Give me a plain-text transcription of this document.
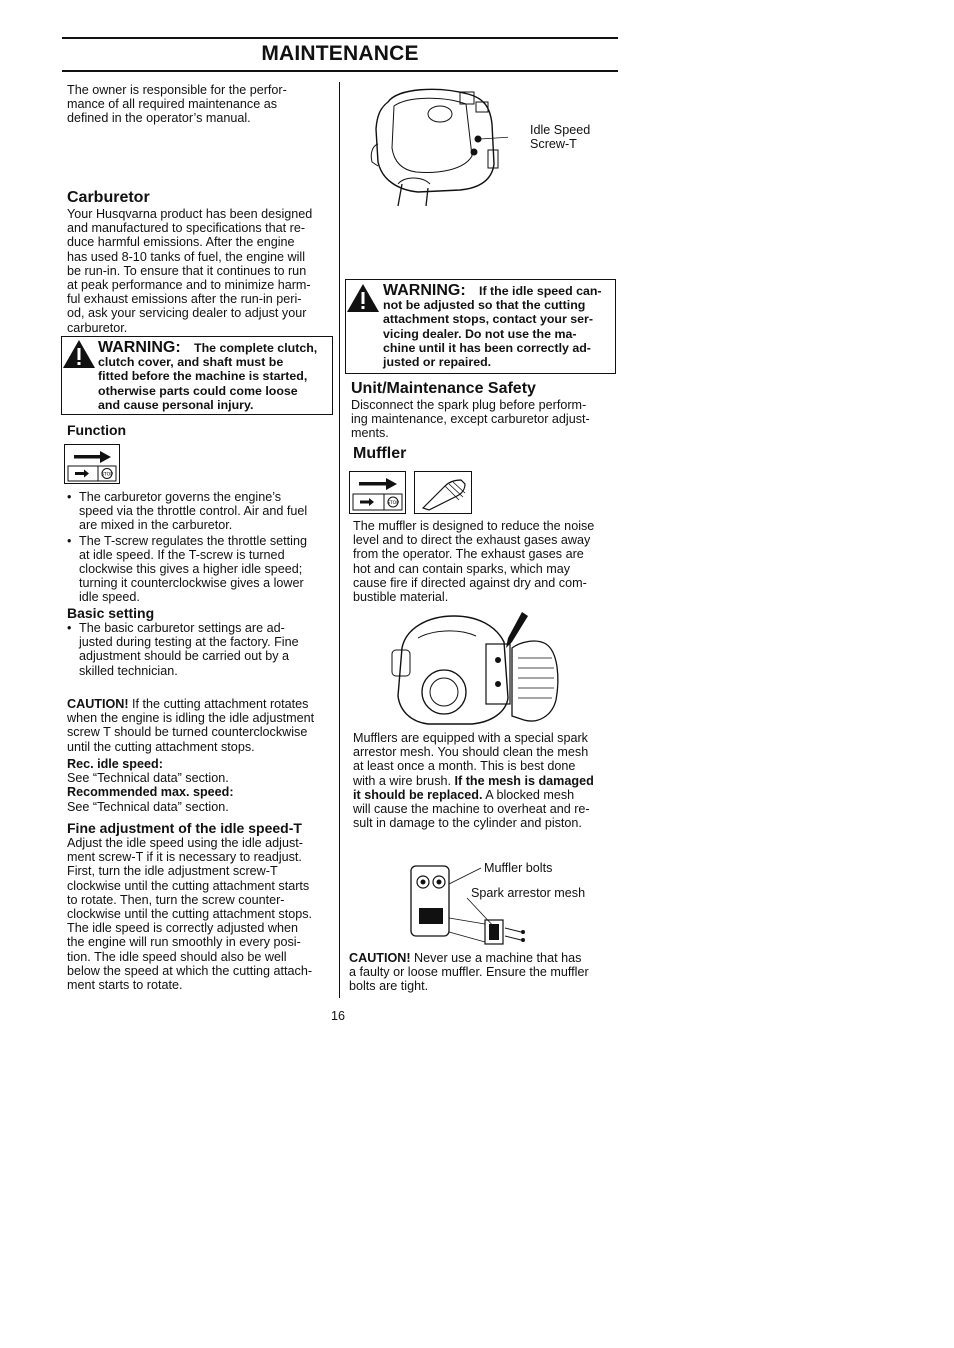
MAINTENANCE
The owner is responsible for the perfor-
mance of all required maintenance as
defined in the operator’s manual.
Carburetor
Your Husqvarna product has been designed
and manufactured to specifications that re-
duce harmful emissions. After the engine
has used 8-10 tanks of fuel, the engine will
be run-in. To ensure that it continues to run
at peak performance and to minimize harm-
ful exhaust emissions after the run-in peri-
od, ask your servicing dealer to adjust your
carburetor.
WARNING:	The complete clutch,
clutch cover, and shaft must be
fitted before the machine is started,
otherwise parts could come loose
and cause personal injury.
Function
STOP
• The carburetor governs the engine’s
speed via the throttle control. Air and fuel
are mixed in the carburetor.
• The T-screw regulates the throttle setting
at idle speed. If the T-screw is turned
clockwise this gives a higher idle speed;
turning it counterclockwise gives a lower
idle speed.
Basic setting
• The basic carburetor settings are ad-
justed during testing at the factory. Fine
adjustment should be carried out by a
skilled technician.
CAUTION! If the cutting attachment rotates
when the engine is idling the idle adjustment
screw T should be turned counterclockwise
until the cutting attachment stops.
Rec. idle speed:
See “Technical data” section.
Recommended max. speed:
See “Technical data” section.
Fine adjustment of the idle speed-T
Adjust the idle speed using the idle adjust-
ment screw-T if it is necessary to readjust.
First, turn the idle adjustment screw-T
clockwise until the cutting attachment starts
to rotate. Then, turn the screw counter-
clockwise until the cutting attachment stops.
The idle speed is correctly adjusted when
the engine will run smoothly in every posi-
tion. The idle speed should also be well
below the speed at which the cutting attach-
ment starts to rotate.
16
Idle Speed
Screw-T
WARNING:	If the idle speed can-
not be adjusted so that the cutting
attachment stops, contact your ser-
vicing dealer. Do not use the ma-
chine until it has been correctly ad-
justed or repaired.
Unit/Maintenance Safety
Disconnect the spark plug before perform-
ing maintenance, except carburetor adjust-
ments.
Muffler
STOP
The muffler is designed to reduce the noise
level and to direct the exhaust gases away
from the operator. The exhaust gases are
hot and can contain sparks, which may
cause fire if directed against dry and com-
bustible material.
Mufflers are equipped with a special spark
arrestor mesh. You should clean the mesh
at least once a month. This is best done
with a wire brush. If the mesh is damaged
it should be replaced. A blocked mesh
will cause the machine to overheat and re-
sult in damage to the cylinder and piston.
Muffler bolts
Spark arrestor mesh
CAUTION! Never use a machine that has
a faulty or loose muffler. Ensure the muffler
bolts are tight.
